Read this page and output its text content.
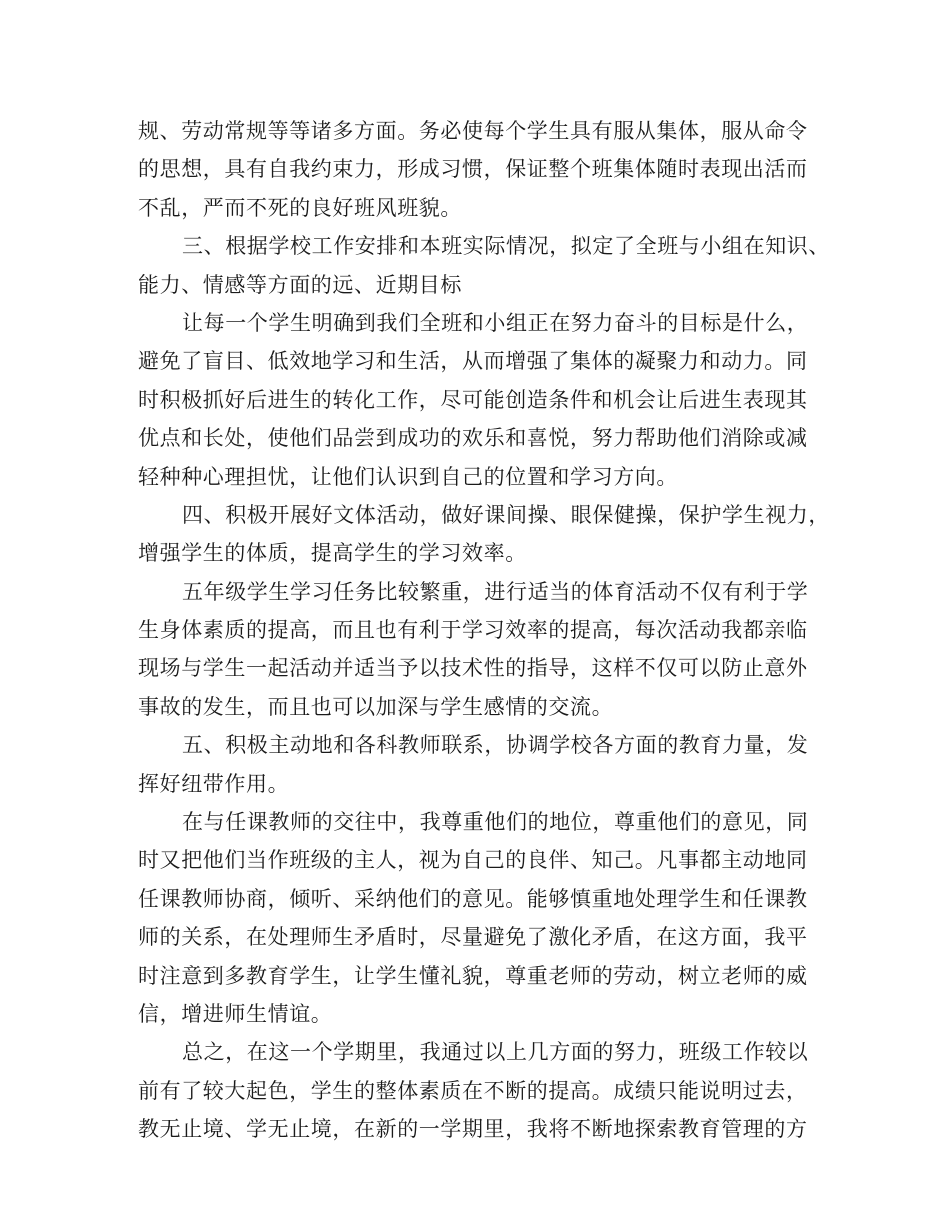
规、劳动常规等等诸多方面。务必使每个学生具有服从集体，服从命令
的思想，具有自我约束力，形成习惯，保证整个班集体随时表现出活而
不乱，严而不死的良好班风班貌。
三、根据学校工作安排和本班实际情况，拟定了全班与小组在知识、
能力、情感等方面的远、近期目标
让每一个学生明确到我们全班和小组正在努力奋斗的目标是什么，
避免了盲目、低效地学习和生活，从而增强了集体的凝聚力和动力。同
时积极抓好后进生的转化工作，尽可能创造条件和机会让后进生表现其
优点和长处，使他们品尝到成功的欢乐和喜悦，努力帮助他们消除或减
轻种种心理担忧，让他们认识到自己的位置和学习方向。
四、积极开展好文体活动，做好课间操、眼保健操，保护学生视力，
增强学生的体质，提高学生的学习效率。
五年级学生学习任务比较繁重，进行适当的体育活动不仅有利于学
生身体素质的提高，而且也有利于学习效率的提高，每次活动我都亲临
现场与学生一起活动并适当予以技术性的指导，这样不仅可以防止意外
事故的发生，而且也可以加深与学生感情的交流。
五、积极主动地和各科教师联系，协调学校各方面的教育力量，发
挥好纽带作用。
在与任课教师的交往中，我尊重他们的地位，尊重他们的意见，同
时又把他们当作班级的主人，视为自己的良伴、知己。凡事都主动地同
任课教师协商，倾听、采纳他们的意见。能够慎重地处理学生和任课教
师的关系，在处理师生矛盾时，尽量避免了激化矛盾，在这方面，我平
时注意到多教育学生，让学生懂礼貌，尊重老师的劳动，树立老师的威
信，增进师生情谊。
总之，在这一个学期里，我通过以上几方面的努力，班级工作较以
前有了较大起色，学生的整体素质在不断的提高。成绩只能说明过去，
教无止境、学无止境，在新的一学期里，我将不断地探索教育管理的方
